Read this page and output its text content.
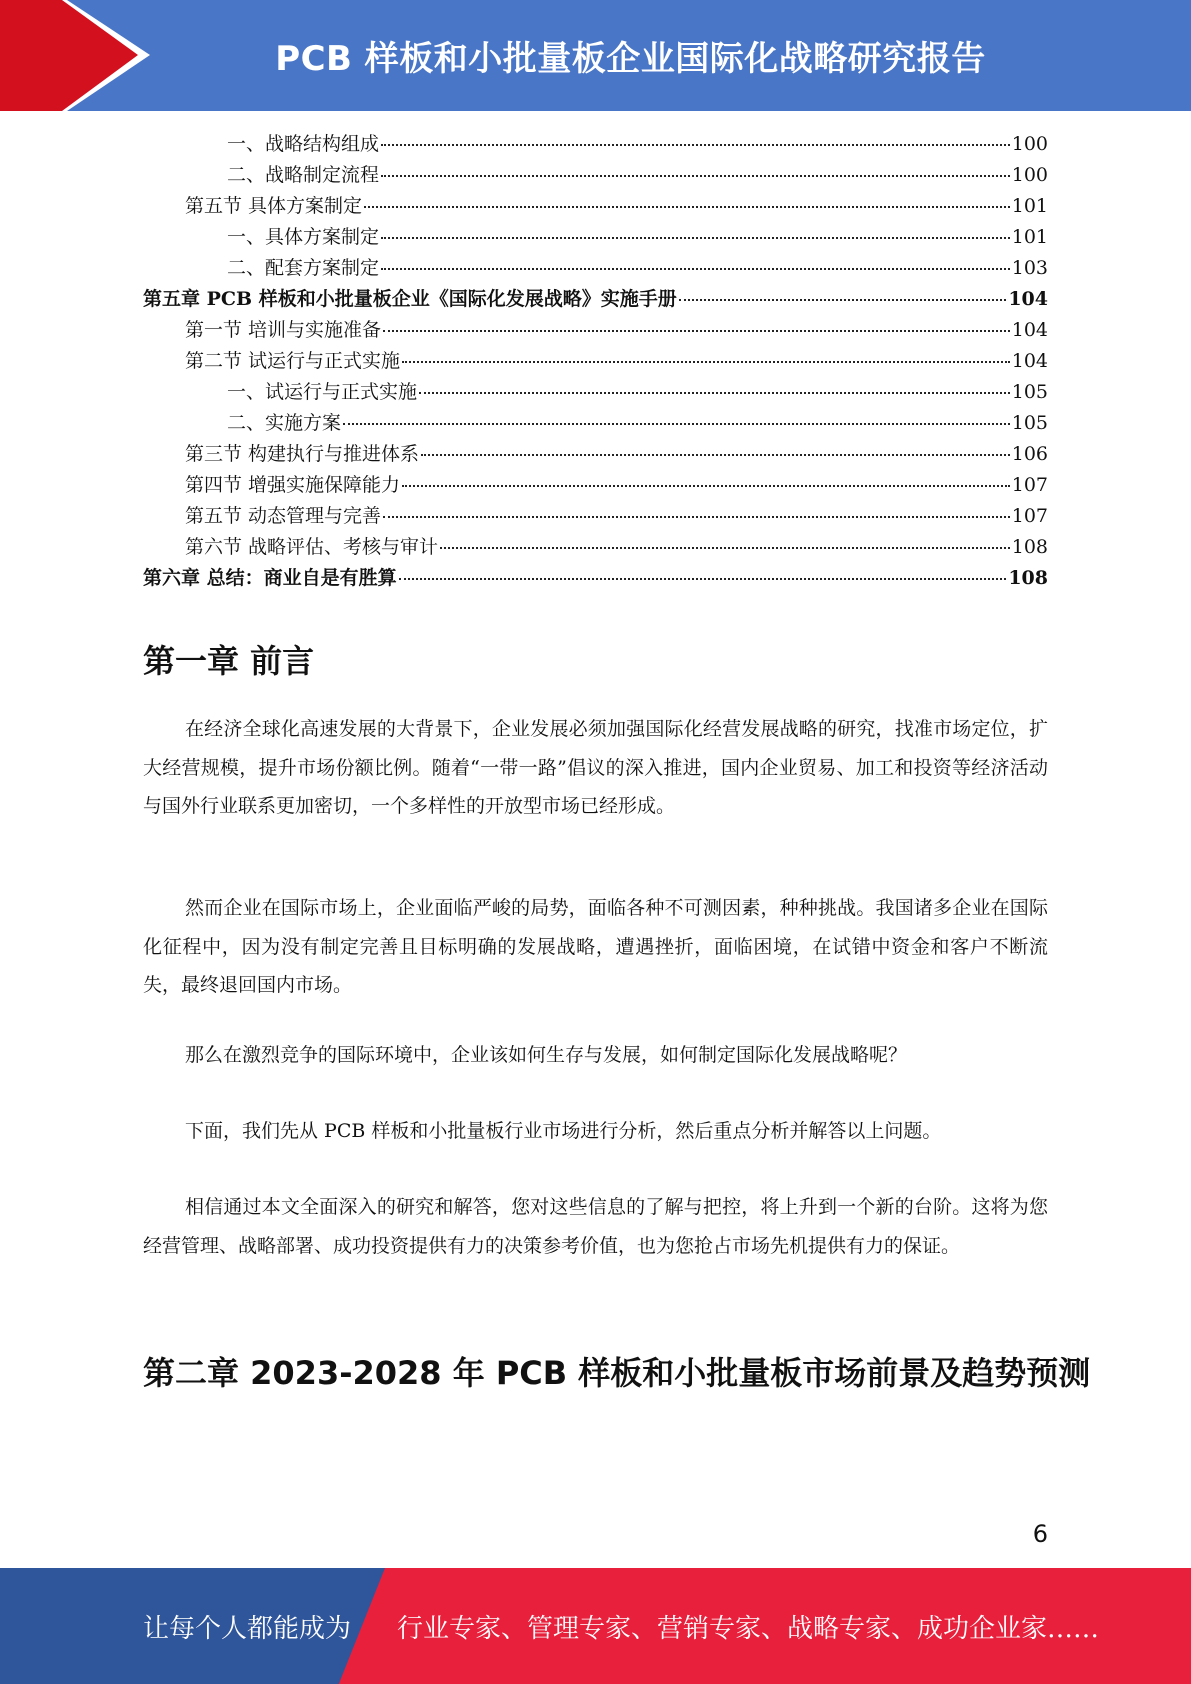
PCB 样板和小批量板企业国际化战略研究报告
一、战略结构组成	100
二、战略制定流程	100
第五节 具体方案制定	101
一、具体方案制定	101
二、配套方案制定	103
第五章 PCB 样板和小批量板企业《国际化发展战略》实施手册	104
第一节 培训与实施准备	104
第二节 试运行与正式实施	104
一、试运行与正式实施	105
二、实施方案	105
第三节 构建执行与推进体系	106
第四节 增强实施保障能力	107
第五节 动态管理与完善	107
第六节 战略评估、考核与审计	108
第六章 总结：商业自是有胜算	108
第一章 前言

在经济全球化高速发展的大背景下，企业发展必须加强国际化经营发展战略的研究，找准市场定位，扩大经营规模，提升市场份额比例。随着“一带一路”倡议的深入推进，国内企业贸易、加工和投资等经济活动与国外行业联系更加密切，一个多样性的开放型市场已经形成。

然而企业在国际市场上，企业面临严峻的局势，面临各种不可测因素，种种挑战。我国诸多企业在国际化征程中，因为没有制定完善且目标明确的发展战略，遭遇挫折，面临困境，在试错中资金和客户不断流失，最终退回国内市场。

那么在激烈竞争的国际环境中，企业该如何生存与发展，如何制定国际化发展战略呢？

下面，我们先从 PCB 样板和小批量板行业市场进行分析，然后重点分析并解答以上问题。

相信通过本文全面深入的研究和解答，您对这些信息的了解与把控，将上升到一个新的台阶。这将为您经营管理、战略部署、成功投资提供有力的决策参考价值，也为您抢占市场先机提供有力的保证。

第二章 2023-2028 年 PCB 样板和小批量板市场前景及趋势预测
6
让每个人都能成为 行业专家、管理专家、营销专家、战略专家、成功企业家……
